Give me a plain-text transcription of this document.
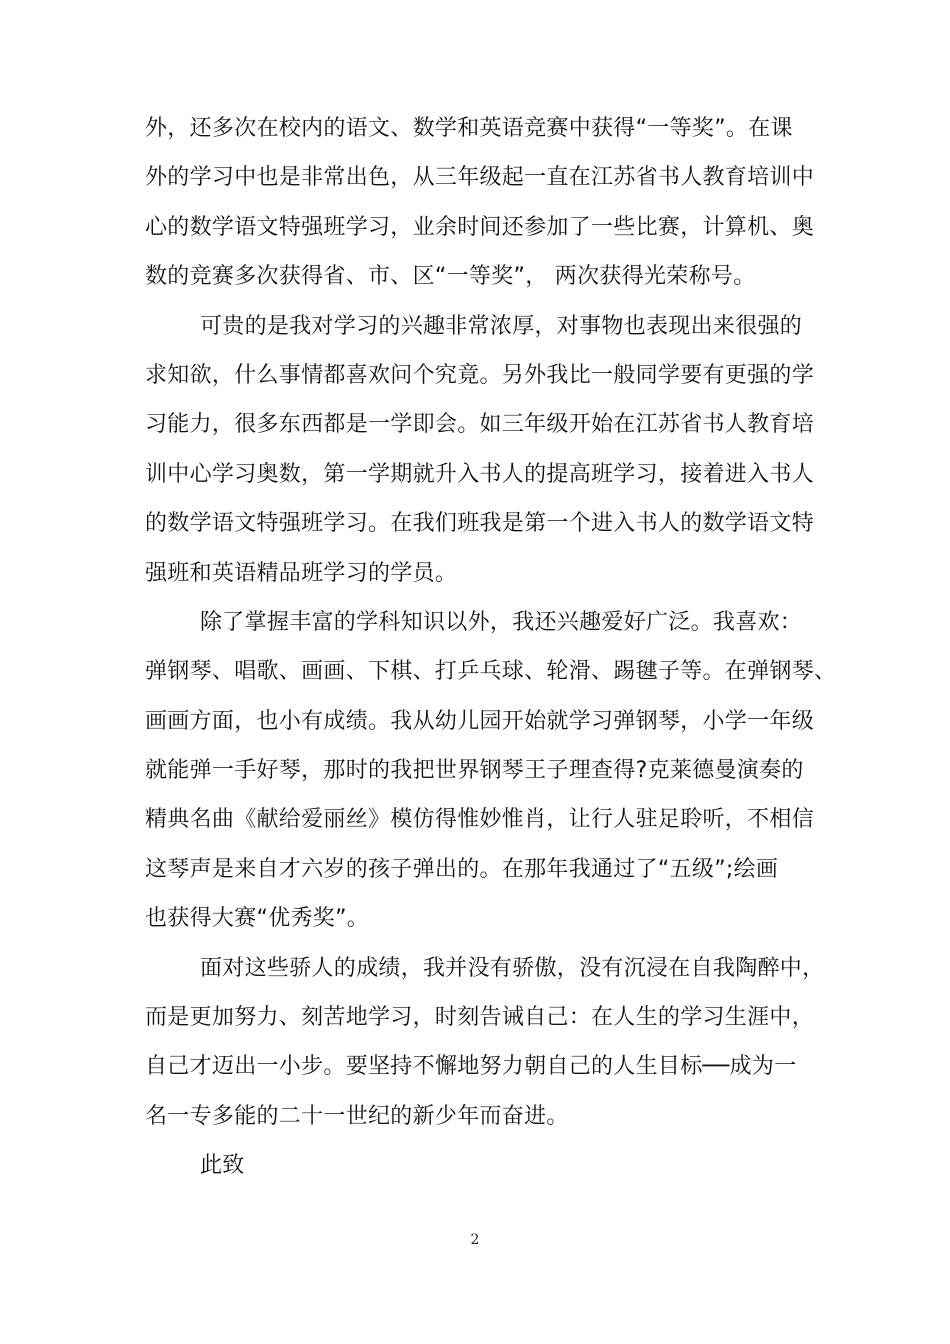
外，还多次在校内的语文、数学和英语竞赛中获得“一等奖”。在课
外的学习中也是非常出色，从三年级起一直在江苏省书人教育培训中
心的数学语文特强班学习，业余时间还参加了一些比赛，计算机、奥
数的竞赛多次获得省、市、区“一等奖”， 两次获得光荣称号。
可贵的是我对学习的兴趣非常浓厚，对事物也表现出来很强的
求知欲，什么事情都喜欢问个究竟。另外我比一般同学要有更强的学
习能力，很多东西都是一学即会。如三年级开始在江苏省书人教育培
训中心学习奥数，第一学期就升入书人的提高班学习，接着进入书人
的数学语文特强班学习。在我们班我是第一个进入书人的数学语文特
强班和英语精品班学习的学员。
除了掌握丰富的学科知识以外，我还兴趣爱好广泛。我喜欢：
弹钢琴、唱歌、画画、下棋、打乒乓球、轮滑、踢毽子等。在弹钢琴、
画画方面，也小有成绩。我从幼儿园开始就学习弹钢琴，小学一年级
就能弹一手好琴，那时的我把世界钢琴王子理查得?克莱德曼演奏的
精典名曲《献给爱丽丝》模仿得惟妙惟肖，让行人驻足聆听，不相信
这琴声是来自才六岁的孩子弹出的。在那年我通过了“五级”;绘画
也获得大赛“优秀奖”。
面对这些骄人的成绩，我并没有骄傲，没有沉浸在自我陶醉中，
而是更加努力、刻苦地学习，时刻告诫自己：在人生的学习生涯中，
自己才迈出一小步。要坚持不懈地努力朝自己的人生目标──成为一
名一专多能的二十一世纪的新少年而奋进。
此致
2
